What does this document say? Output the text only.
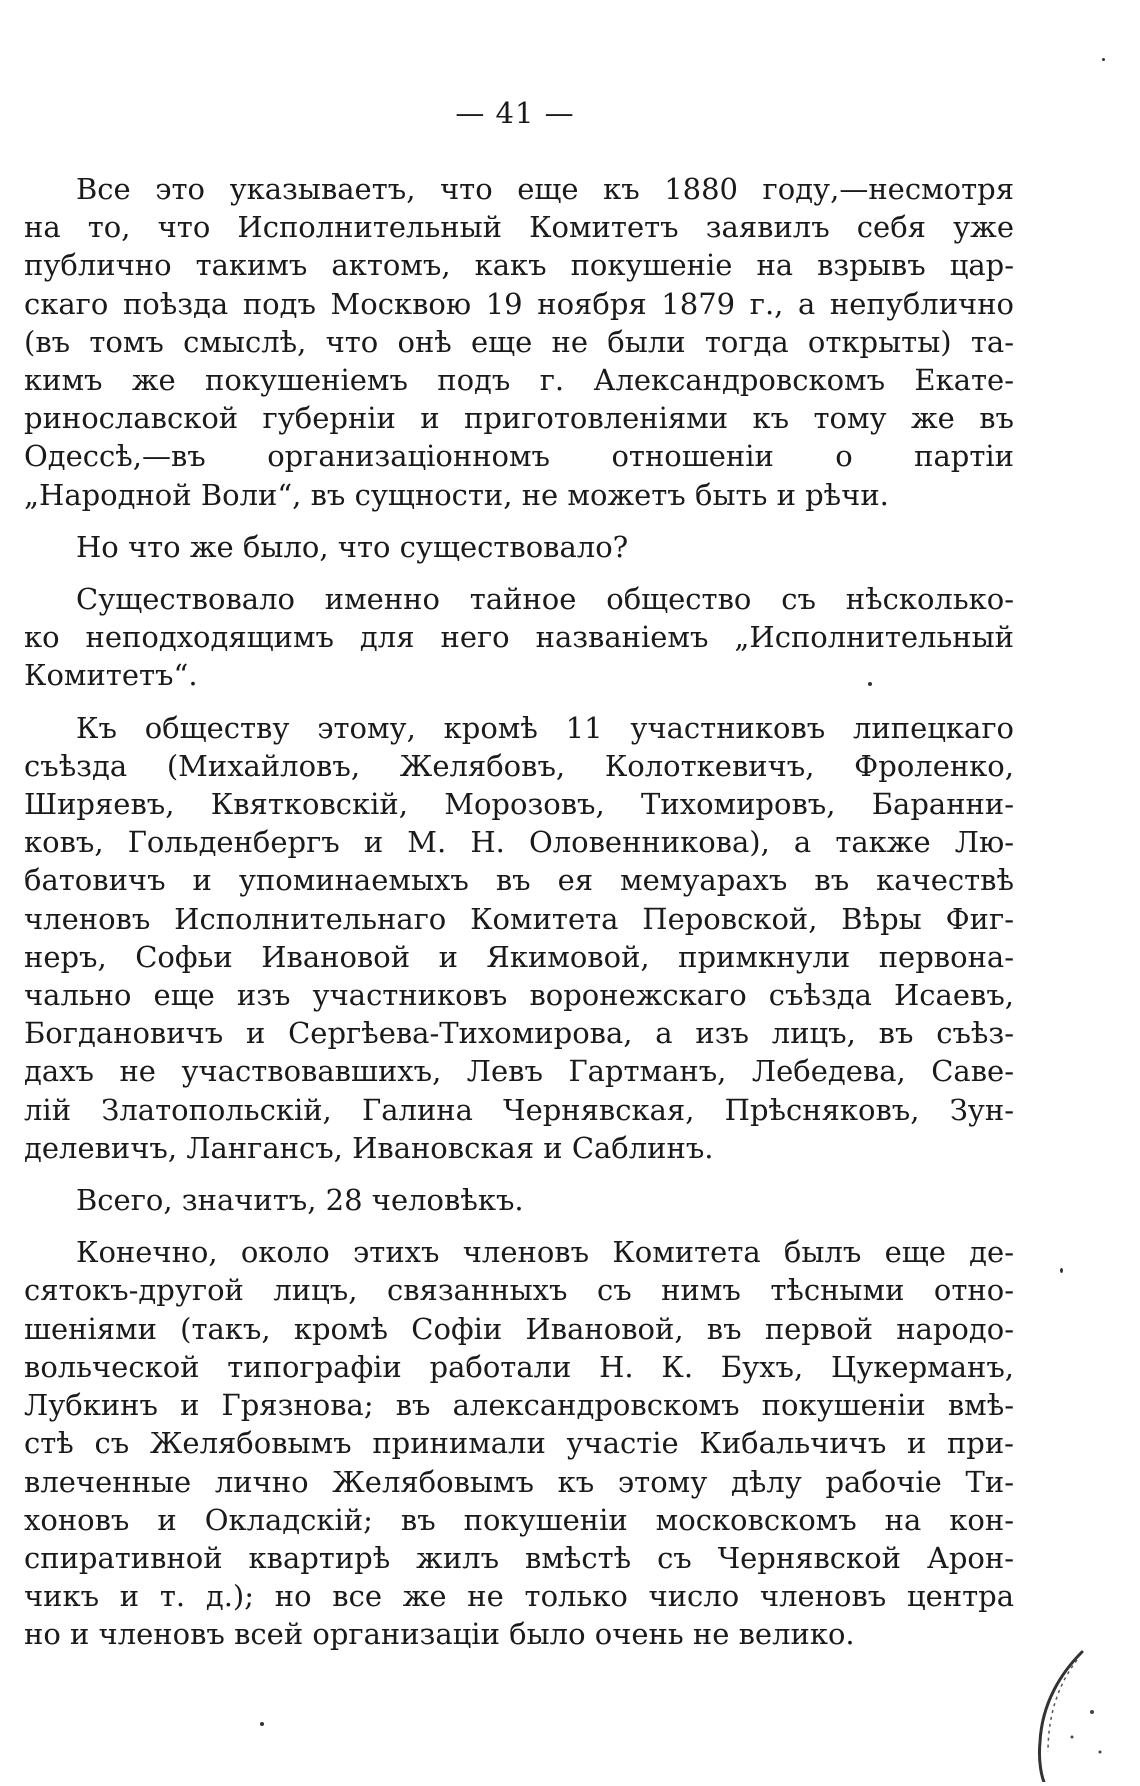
— 41 —

Все это указываетъ, что еще къ 1880 году,—несмотря
на то, что Исполнительный Комитетъ заявилъ себя уже
публично такимъ актомъ, какъ покушеніе на взрывъ цар-
скаго поѣзда подъ Москвою 19 ноября 1879 г., а непублично
(въ томъ смыслѣ, что онѣ еще не были тогда открыты) та-
кимъ же покушеніемъ подъ г. Александровскомъ Екате-
ринославской губерніи и приготовленіями къ тому же въ
Одессѣ,—въ организаціонномъ отношеніи о партіи
„Народной Воли“, въ сущности, не можетъ быть и рѣчи.

Но что же было, что существовало?

Существовало именно тайное общество съ нѣсколько-
ко неподходящимъ для него названіемъ „Исполнительный
Комитетъ“.

Къ обществу этому, кромѣ 11 участниковъ липецкаго
съѣзда (Михайловъ, Желябовъ, Колоткевичъ, Фроленко,
Ширяевъ, Квятковскій, Морозовъ, Тихомировъ, Баранни-
ковъ, Гольденбергъ и М. Н. Оловенникова), а также Лю-
батовичъ и упоминаемыхъ въ ея мемуарахъ въ качествѣ
членовъ Исполнительнаго Комитета Перовской, Вѣры Фиг-
неръ, Софьи Ивановой и Якимовой, примкнули первона-
чально еще изъ участниковъ воронежскаго съѣзда Исаевъ,
Богдановичъ и Сергѣева-Тихомирова, а изъ лицъ, въ съѣз-
дахъ не участвовавшихъ, Левъ Гартманъ, Лебедева, Саве-
лій Златопольскій, Галина Чернявская, Прѣсняковъ, Зун-
делевичъ, Лангансъ, Ивановская и Саблинъ.

Всего, значитъ, 28 человѣкъ.

Конечно, около этихъ членовъ Комитета былъ еще де-
сятокъ-другой лицъ, связанныхъ съ нимъ тѣсными отно-
шеніями (такъ, кромѣ Софіи Ивановой, въ первой народо-
вольческой типографіи работали Н. К. Бухъ, Цукерманъ,
Лубкинъ и Грязнова; въ александровскомъ покушеніи вмѣ-
стѣ съ Желябовымъ принимали участіе Кибальчичъ и при-
влеченные лично Желябовымъ къ этому дѣлу рабочіе Ти-
хоновъ и Окладскій; въ покушеніи московскомъ на кон-
спиративной квартирѣ жилъ вмѣстѣ съ Чернявской Арон-
чикъ и т. д.); но все же не только число членовъ центра
но и членовъ всей организаціи было очень не велико.
